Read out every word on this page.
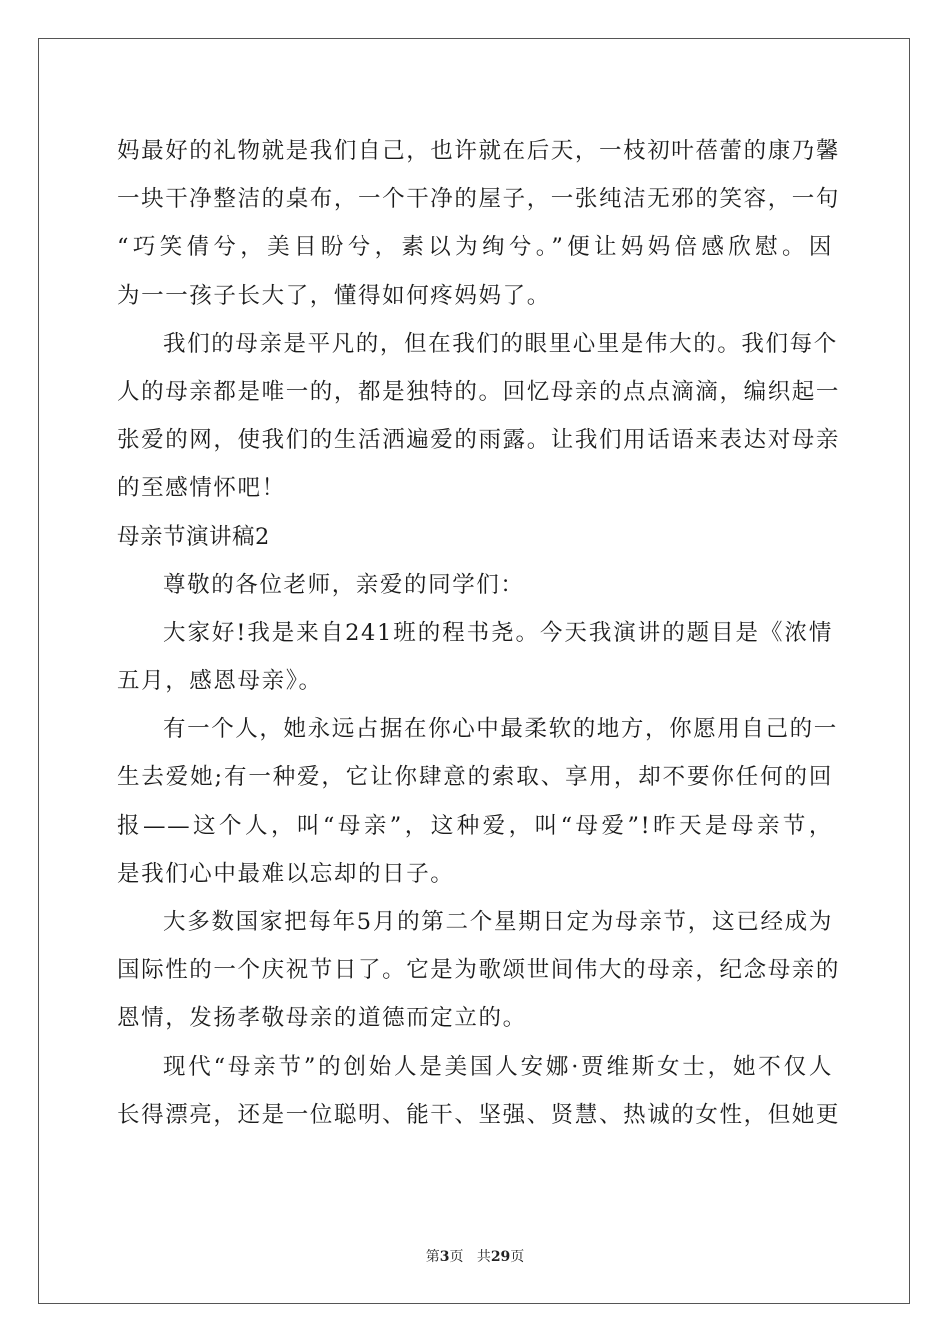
妈最好的礼物就是我们自己，也许就在后天，一枝初叶蓓蕾的康乃馨
一块干净整洁的桌布，一个干净的屋子，一张纯洁无邪的笑容，一句
“巧笑倩兮，美目盼兮，素以为绚兮。”便让妈妈倍感欣慰。因
为一一孩子长大了，懂得如何疼妈妈了。
我们的母亲是平凡的，但在我们的眼里心里是伟大的。我们每个
人的母亲都是唯一的，都是独特的。回忆母亲的点点滴滴，编织起一
张爱的网，使我们的生活洒遍爱的雨露。让我们用话语来表达对母亲
的至感情怀吧！
母亲节演讲稿2
尊敬的各位老师，亲爱的同学们：
大家好!我是来自241班的程书尧。今天我演讲的题目是《浓情
五月，感恩母亲》。
有一个人，她永远占据在你心中最柔软的地方，你愿用自己的一
生去爱她;有一种爱，它让你肆意的索取、享用，却不要你任何的回
报——这个人，叫“母亲”，这种爱，叫“母爱”!昨天是母亲节，
是我们心中最难以忘却的日子。
大多数国家把每年5月的第二个星期日定为母亲节，这已经成为
国际性的一个庆祝节日了。它是为歌颂世间伟大的母亲，纪念母亲的
恩情，发扬孝敬母亲的道德而定立的。
现代“母亲节”的创始人是美国人安娜·贾维斯女士，她不仅人
长得漂亮，还是一位聪明、能干、坚强、贤慧、热诚的女性，但她更
第3页 共29页
